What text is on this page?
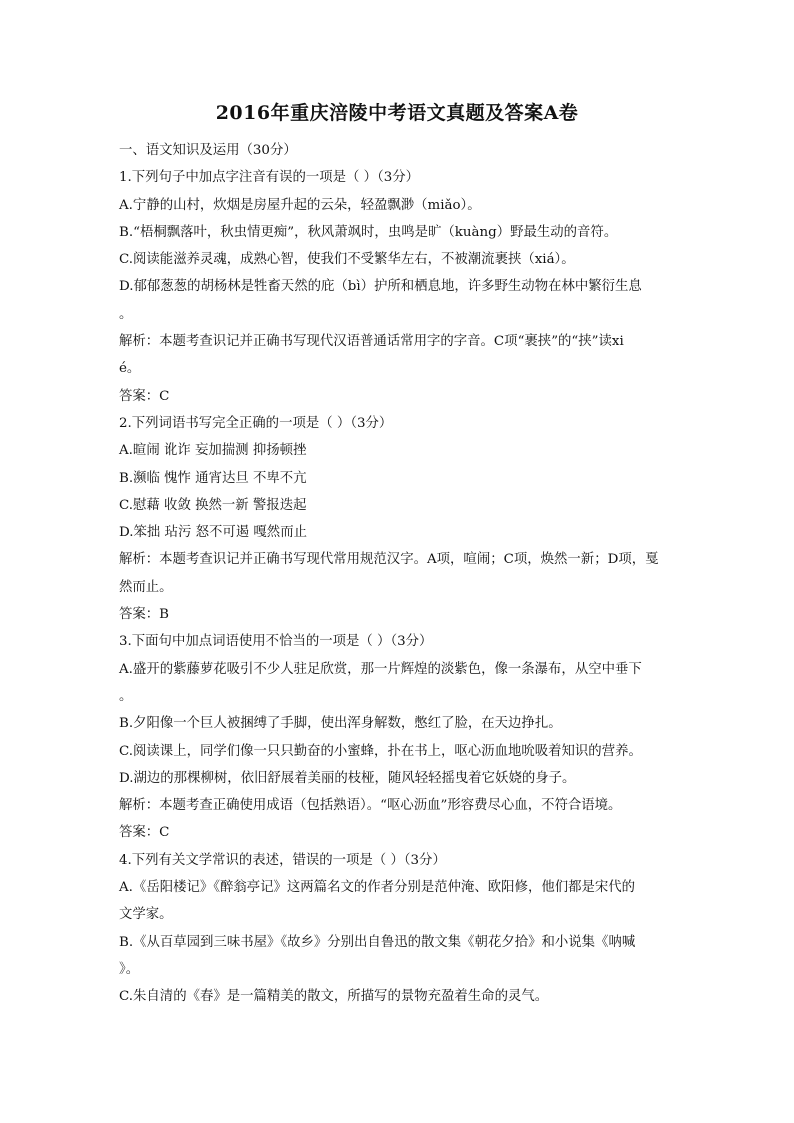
2016年重庆涪陵中考语文真题及答案A卷
一、语文知识及运用（30分）
1.下列句子中加点字注音有误的一项是（ ）（3分）
A.宁静的山村，炊烟是房屋升起的云朵，轻盈飘渺（miǎo）。
B.“梧桐飘落叶，秋虫情更痴”，秋风萧飒时，虫鸣是旷（kuàng）野最生动的音符。
C.阅读能滋养灵魂，成熟心智，使我们不受繁华左右，不被潮流裹挟（xiá）。
D.郁郁葱葱的胡杨林是牲畜天然的庇（bì）护所和栖息地，许多野生动物在林中繁衍生息
。
解析：本题考查识记并正确书写现代汉语普通话常用字的字音。C项“裹挟”的“挟”读xi
é。
答案：C
2.下列词语书写完全正确的一项是（ ）（3分）
A.暄闹 讹诈 妄加揣测 抑扬顿挫
B.濒临 愧怍 通宵达旦 不卑不亢
C.慰藉 收敛 换然一新 警报迭起
D.笨拙 玷污 怒不可遏 嘎然而止
解析：本题考查识记并正确书写现代常用规范汉字。A项，喧闹；C项，焕然一新；D项，戛
然而止。
答案：B
3.下面句中加点词语使用不恰当的一项是（ ）（3分）
A.盛开的紫藤萝花吸引不少人驻足欣赏，那一片辉煌的淡紫色，像一条瀑布，从空中垂下
。
B.夕阳像一个巨人被捆缚了手脚，使出浑身解数，憋红了脸，在天边挣扎。
C.阅读课上，同学们像一只只勤奋的小蜜蜂，扑在书上，呕心沥血地吮吸着知识的营养。
D.湖边的那棵柳树，依旧舒展着美丽的枝桠，随风轻轻摇曳着它妖娆的身子。
解析：本题考查正确使用成语（包括熟语）。“呕心沥血”形容费尽心血，不符合语境。
答案：C
4.下列有关文学常识的表述，错误的一项是（ ）（3分）
A.《岳阳楼记》《醉翁亭记》这两篇名文的作者分别是范仲淹、欧阳修，他们都是宋代的
文学家。
B.《从百草园到三味书屋》《故乡》分别出自鲁迅的散文集《朝花夕拾》和小说集《呐喊
》。
C.朱自清的《春》是一篇精美的散文，所描写的景物充盈着生命的灵气。
